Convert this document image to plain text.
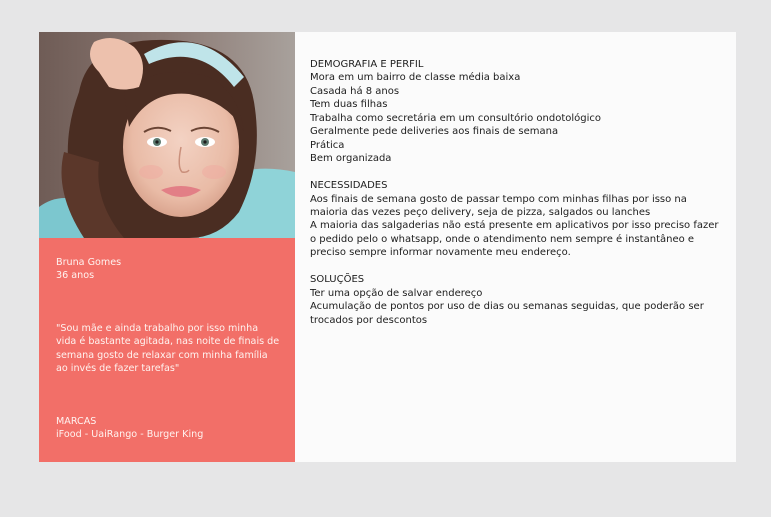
Bruna Gomes
36 anos
"Sou mãe e ainda trabalho por isso minha vida é bastante agitada, nas noite de finais de semana gosto de relaxar com minha família ao invés de fazer tarefas"
MARCAS
iFood - UaiRango - Burger King
DEMOGRAFIA E PERFIL
Mora em um bairro de classe média baixa
Casada há 8 anos
Tem duas filhas
Trabalha como secretária em um consultório ondotológico
Geralmente pede deliveries aos finais de semana
Prática
Bem organizada
NECESSIDADES
Aos finais de semana gosto de passar tempo com minhas filhas por isso na maioria das vezes peço delivery, seja de pizza, salgados ou lanches
A maioria das salgaderias não está presente em aplicativos por isso preciso fazer o pedido pelo o whatsapp, onde o atendimento nem sempre é instantâneo e preciso sempre informar novamente meu endereço.
SOLUÇÕES
Ter uma opção de salvar endereço
Acumulação de pontos por uso de dias ou semanas seguidas, que poderão ser trocados por descontos
